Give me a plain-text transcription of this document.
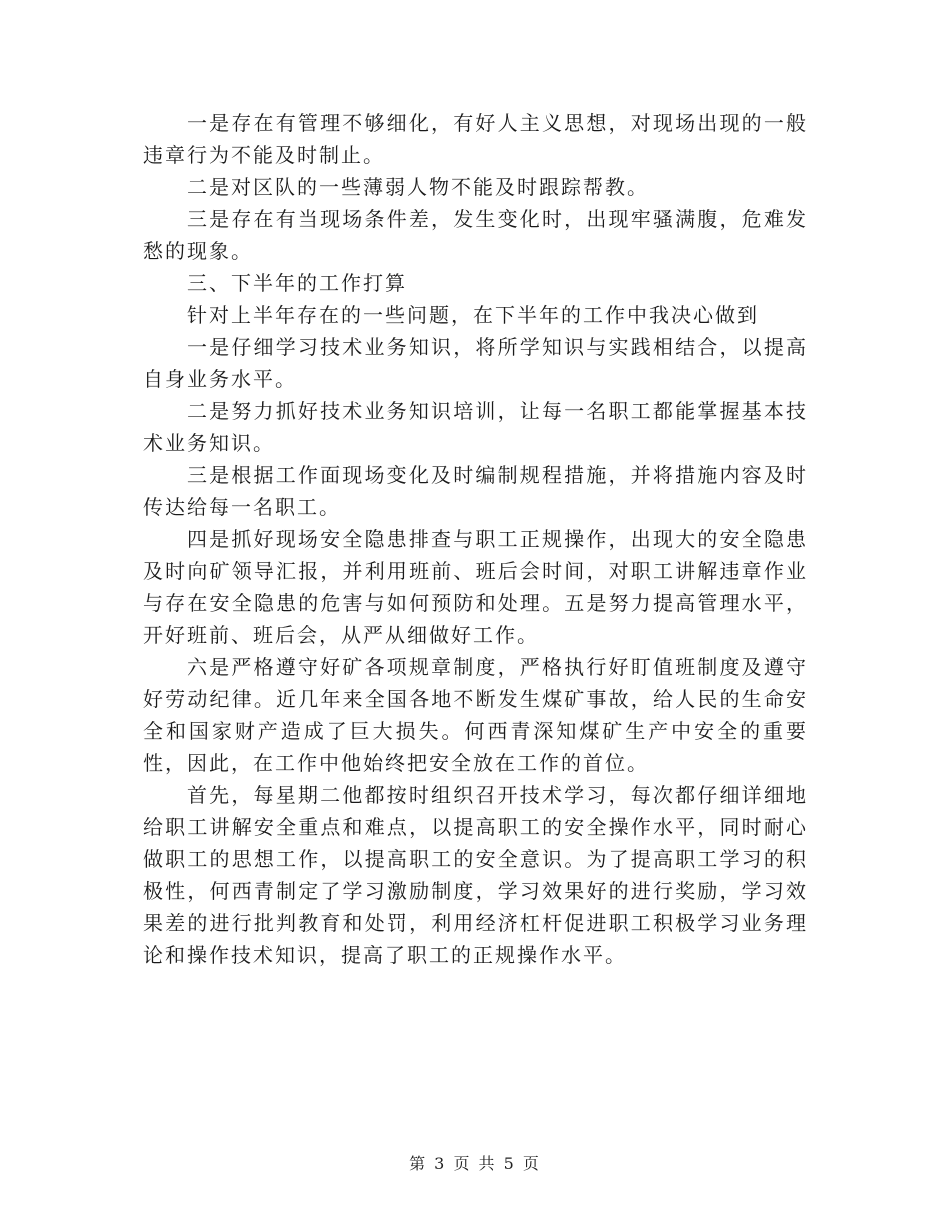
一是存在有管理不够细化，有好人主义思想，对现场出现的一般违章行为不能及时制止。

二是对区队的一些薄弱人物不能及时跟踪帮教。

三是存在有当现场条件差，发生变化时，出现牢骚满腹，危难发愁的现象。

三、下半年的工作打算

针对上半年存在的一些问题，在下半年的工作中我决心做到

一是仔细学习技术业务知识，将所学知识与实践相结合，以提高自身业务水平。

二是努力抓好技术业务知识培训，让每一名职工都能掌握基本技术业务知识。

三是根据工作面现场变化及时编制规程措施，并将措施内容及时传达给每一名职工。

四是抓好现场安全隐患排查与职工正规操作，出现大的安全隐患及时向矿领导汇报，并利用班前、班后会时间，对职工讲解违章作业与存在安全隐患的危害与如何预防和处理。五是努力提高管理水平，开好班前、班后会，从严从细做好工作。

六是严格遵守好矿各项规章制度，严格执行好盯值班制度及遵守好劳动纪律。近几年来全国各地不断发生煤矿事故，给人民的生命安全和国家财产造成了巨大损失。何西青深知煤矿生产中安全的重要性，因此，在工作中他始终把安全放在工作的首位。

首先，每星期二他都按时组织召开技术学习，每次都仔细详细地给职工讲解安全重点和难点，以提高职工的安全操作水平，同时耐心做职工的思想工作，以提高职工的安全意识。为了提高职工学习的积极性，何西青制定了学习激励制度，学习效果好的进行奖励，学习效果差的进行批判教育和处罚，利用经济杠杆促进职工积极学习业务理论和操作技术知识，提高了职工的正规操作水平。

第 3 页 共 5 页
